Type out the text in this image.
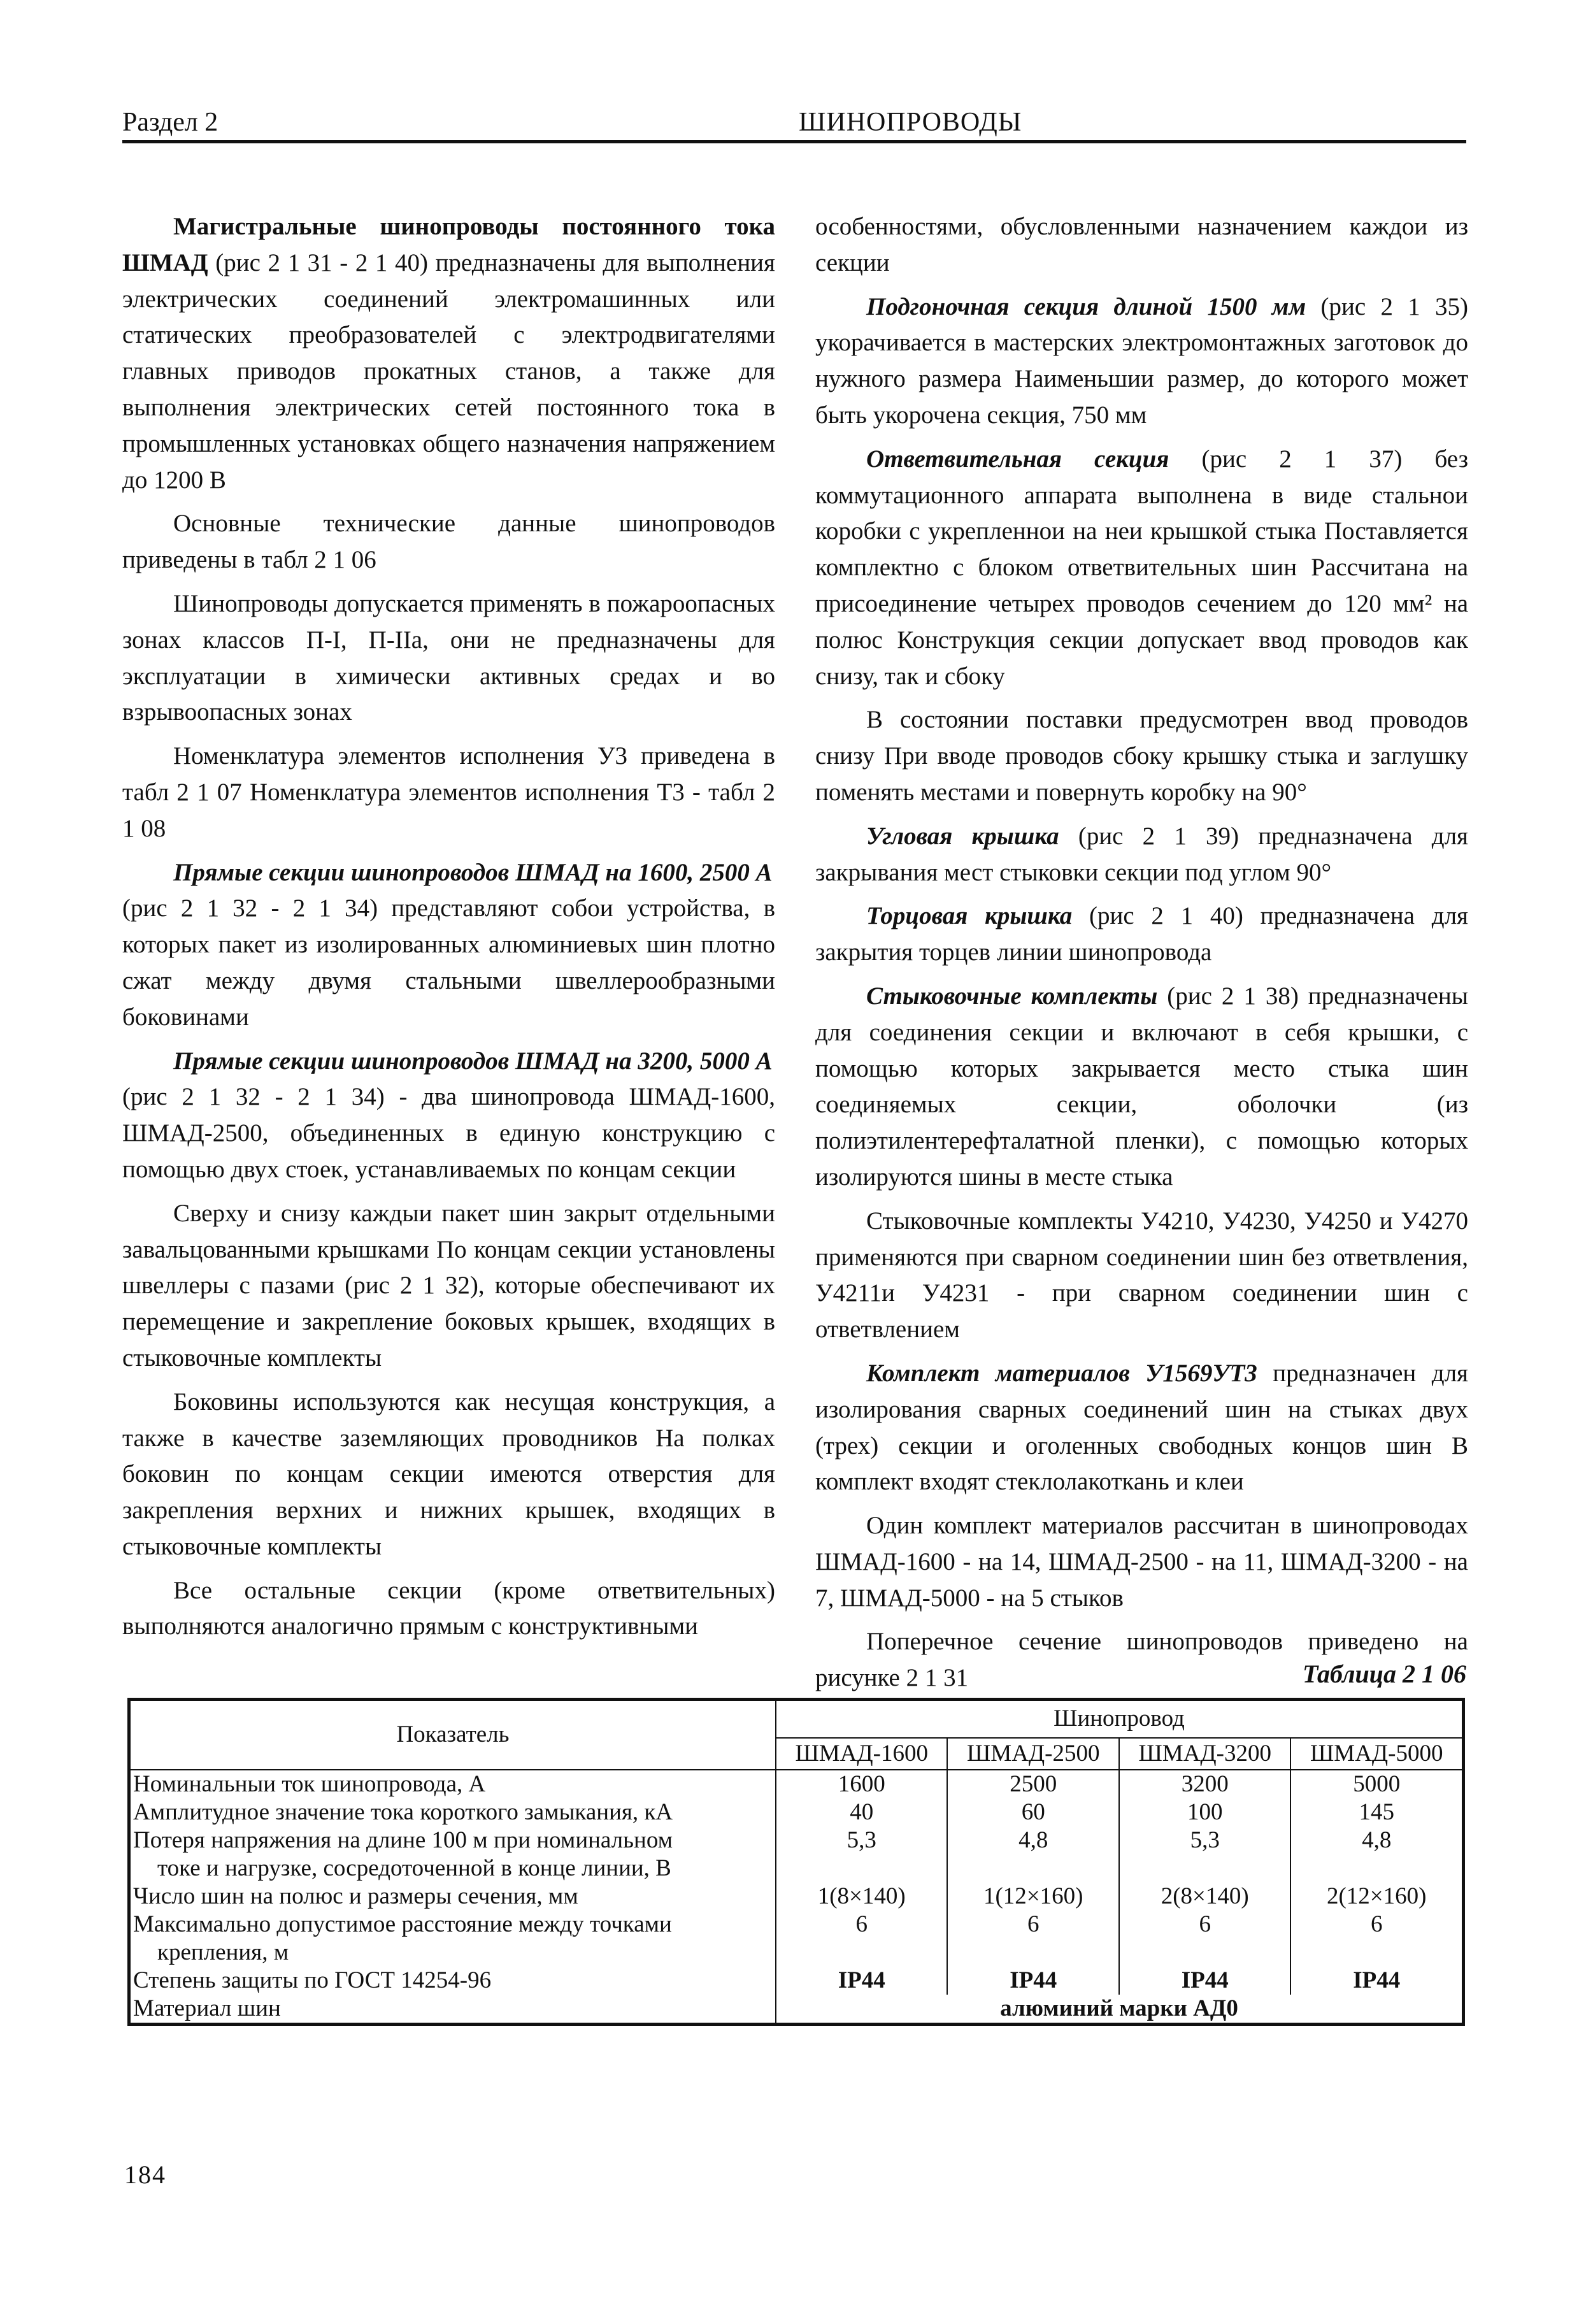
Раздел 2	ШИНОПРОВОДЫ

Магистральные шинопроводы постоянного тока ШМАД (рис 2 1 31 - 2 1 40) предназначены для выполнения электрических соединений электромашинных или статических преобразователей с электродвигателями главных приводов прокатных станов, а также для выполнения электрических сетей постоянного тока в промышленных установках общего назначения напряжением до 1200 В

Основные технические данные шинопроводов приведены в табл 2 1 06

Шинопроводы допускается применять в пожароопасных зонах классов П-I, П-IIа, они не предназначены для эксплуатации в химически активных средах и во взрывоопасных зонах

Номенклатура элементов исполнения У3 приведена в табл 2 1 07 Номенклатура элементов исполнения Т3 - табл 2 1 08

Прямые секции шинопроводов ШМАД на 1600, 2500 А
(рис 2 1 32 - 2 1 34) представляют собои устройства, в которых пакет из изолированных алюминиевых шин плотно сжат между двумя стальными швеллерообразными боковинами

Прямые секции шинопроводов ШМАД на 3200, 5000 А
(рис 2 1 32 - 2 1 34) - два шинопровода ШМАД-1600, ШМАД-2500, объединенных в единую конструкцию с помощью двух стоек, устанавливаемых по концам секции

Сверху и снизу каждыи пакет шин закрыт отдельными завальцованными крышками По концам секции установлены швеллеры с пазами (рис 2 1 32), которые обеспечивают их перемещение и закрепление боковых крышек, входящих в стыковочные комплекты

Боковины используются как несущая конструкция, а также в качестве заземляющих проводников На полках боковин по концам секции имеются отверстия для закрепления верхних и нижних крышек, входящих в стыковочные комплекты

Все остальные секции (кроме ответвительных) выполняются аналогично прямым с конструктивными

особенностями, обусловленными назначением каждои из секции

Подгоночная секция длиной 1500 мм (рис 2 1 35) укорачивается в мастерских электромонтажных заготовок до нужного размера Наименьшии размер, до которого может быть укорочена секция, 750 мм

Ответвительная секция (рис 2 1 37) без коммутационного аппарата выполнена в виде стальнои коробки с укрепленнои на неи крышкой стыка Поставляется комплектно с блоком ответвительных шин Рассчитана на присоединение четырех проводов сечением до 120 мм² на полюс Конструкция секции допускает ввод проводов как снизу, так и сбоку

В состоянии поставки предусмотрен ввод проводов снизу При вводе проводов сбоку крышку стыка и заглушку поменять местами и повернуть коробку на 90°

Угловая крышка (рис 2 1 39) предназначена для закрывания мест стыковки секции под углом 90°

Торцовая крышка (рис 2 1 40) предназначена для закрытия торцев линии шинопровода

Стыковочные комплекты (рис 2 1 38) предназначены для соединения секции и включают в себя крышки, с помощью которых закрывается место стыка шин соединяемых секции, оболочки (из полиэтилентерефталатной пленки), с помощью которых изолируются шины в месте стыка

Стыковочные комплекты У4210, У4230, У4250 и У4270 применяются при сварном соединении шин без ответвления, У4211и У4231 - при сварном соединении шин с ответвлением

Комплект материалов У1569УТ3 предназначен для изолирования сварных соединений шин на стыках двух (трех) секции и оголенных свободных концов шин В комплект входят стеклолакоткань и клеи

Один комплект материалов рассчитан в шинопроводах ШМАД-1600 - на 14, ШМАД-2500 - на 11, ШМАД-3200 - на 7, ШМАД-5000 - на 5 стыков

Поперечное сечение шинопроводов приведено на рисунке 2 1 31	Таблица 2 1 06
Показатель	Шинопровод			
	ШМАД-1600	ШМАД-2500	ШМАД-3200	ШМАД-5000
Номинальныи ток шинопровода, А	1600	2500	3200	5000
Амплитудное значение тока короткого замыкания, кА	40	60	100	145
Потеря напряжения на длине 100 м при номинальном
токе и нагрузке, сосредоточенной в конце линии, В	5,3	4,8	5,3	4,8
Число шин на полюс и размеры сечения, мм	1(8×140)	1(12×160)	2(8×140)	2(12×160)
Максимально допустимое расстояние между точками
крепления, м	6	6	6	6
Степень защиты по ГОСТ 14254-96	IP44	IP44	IP44	IP44
Материал шин	алюминий марки АД0			
184
